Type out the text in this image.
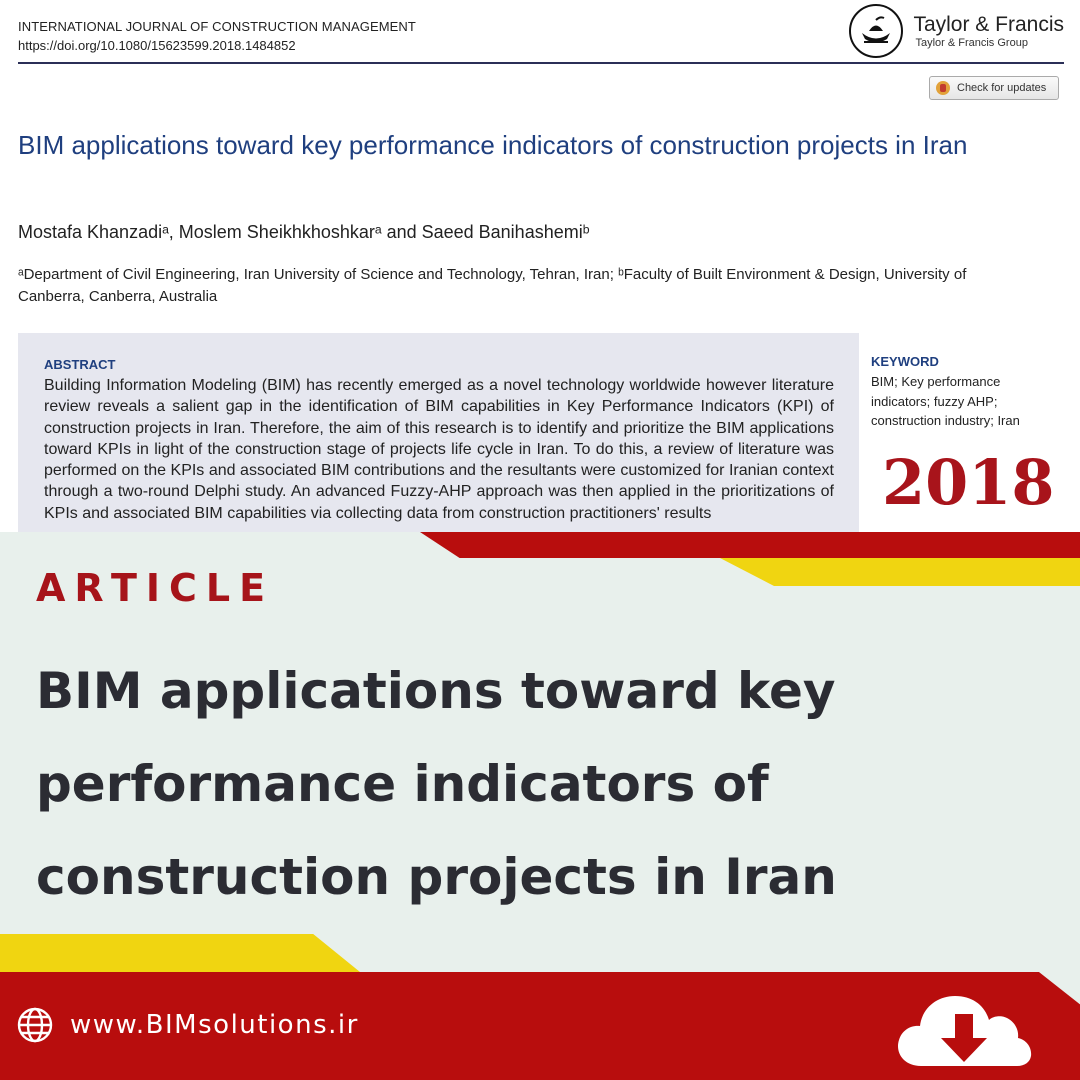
INTERNATIONAL JOURNAL OF CONSTRUCTION MANAGEMENT
https://doi.org/10.1080/15623599.2018.1484852
Taylor & Francis
Taylor & Francis Group
Check for updates
BIM applications toward key performance indicators of construction projects in Iran
Mostafa Khanzadiᵃ, Moslem Sheikhkhoshkarᵃ and Saeed Banihashemiᵇ
ᵃDepartment of Civil Engineering, Iran University of Science and Technology, Tehran, Iran; ᵇFaculty of Built Environment & Design, University of Canberra, Canberra, Australia
ABSTRACT
Building Information Modeling (BIM) has recently emerged as a novel technology worldwide however literature review reveals a salient gap in the identification of BIM capabilities in Key Performance Indicators (KPI) of construction projects in Iran. Therefore, the aim of this research is to identify and prioritize the BIM applications toward KPIs in light of the construction stage of projects life cycle in Iran. To do this, a review of literature was performed on the KPIs and associated BIM contributions and the resultants were customized for Iranian context through a two-round Delphi study. An advanced Fuzzy-AHP approach was then applied in the prioritizations of KPIs and associated BIM capabilities via collecting data from construction practitioners' results
KEYWORD
BIM; Key performance indicators; fuzzy AHP; construction industry; Iran
2018
ARTICLE
BIM applications toward key performance indicators of construction projects in Iran
www.BIMsolutions.ir
